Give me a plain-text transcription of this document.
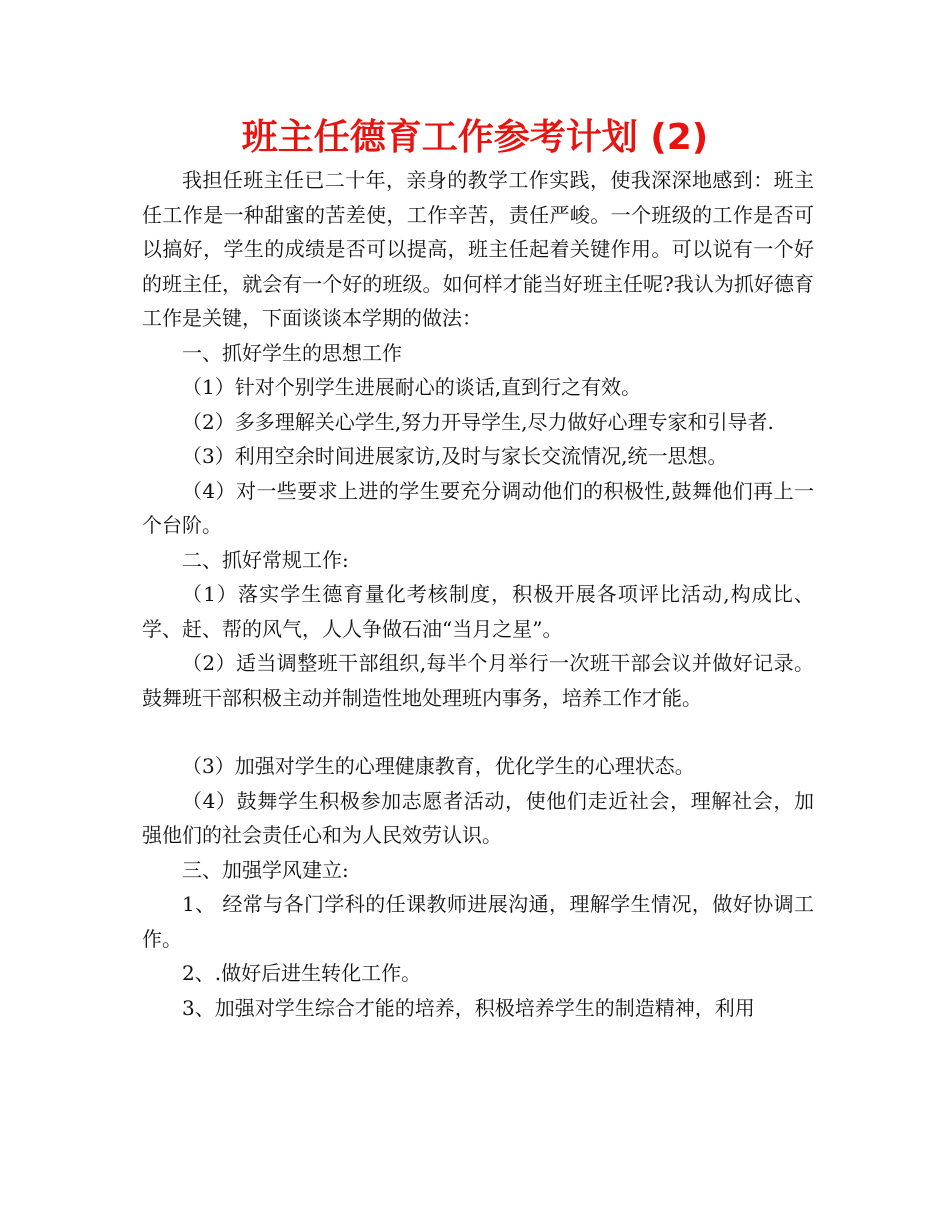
班主任德育工作参考计划 (2)

我担任班主任已二十年，亲身的教学工作实践，使我深深地感到：班主任工作是一种甜蜜的苦差使，工作辛苦，责任严峻。一个班级的工作是否可以搞好，学生的成绩是否可以提高，班主任起着关键作用。可以说有一个好的班主任，就会有一个好的班级。如何样才能当好班主任呢?我认为抓好德育工作是关键，下面谈谈本学期的做法：

一、抓好学生的思想工作

（1）针对个别学生进展耐心的谈话,直到行之有效。

（2）多多理解关心学生,努力开导学生,尽力做好心理专家和引导者.

（3）利用空余时间进展家访,及时与家长交流情况,统一思想。

（4）对一些要求上进的学生要充分调动他们的积极性,鼓舞他们再上一个台阶。

二、抓好常规工作:

（1）落实学生德育量化考核制度，积极开展各项评比活动,构成比、学、赶、帮的风气，人人争做石油“当月之星”。

（2）适当调整班干部组织,每半个月举行一次班干部会议并做好记录。鼓舞班干部积极主动并制造性地处理班内事务，培养工作才能。

（3）加强对学生的心理健康教育，优化学生的心理状态。

（4）鼓舞学生积极参加志愿者活动，使他们走近社会，理解社会，加强他们的社会责任心和为人民效劳认识。

三、加强学风建立:

1、 经常与各门学科的任课教师进展沟通，理解学生情况，做好协调工作。

2、.做好后进生转化工作。

3、加强对学生综合才能的培养，积极培养学生的制造精神，利用
